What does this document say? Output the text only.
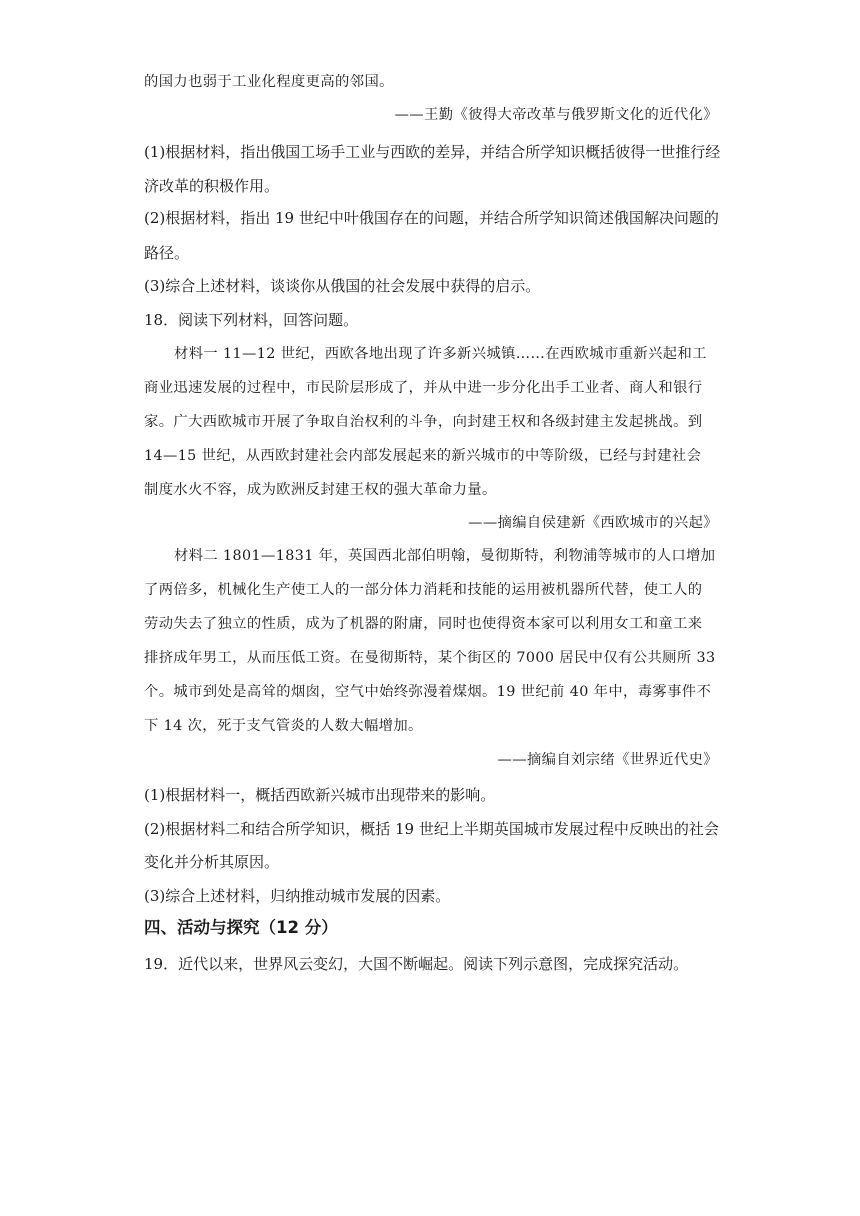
的国力也弱于工业化程度更高的邻国。
——王勤《彼得大帝改革与俄罗斯文化的近代化》
(1)根据材料，指出俄国工场手工业与西欧的差异，并结合所学知识概括彼得一世推行经
济改革的积极作用。
(2)根据材料，指出 19 世纪中叶俄国存在的问题，并结合所学知识简述俄国解决问题的
路径。
(3)综合上述材料，谈谈你从俄国的社会发展中获得的启示。
18．阅读下列材料，回答问题。
材料一 11—12 世纪，西欧各地出现了许多新兴城镇……在西欧城市重新兴起和工
商业迅速发展的过程中，市民阶层形成了，并从中进一步分化出手工业者、商人和银行
家。广大西欧城市开展了争取自治权利的斗争，向封建王权和各级封建主发起挑战。到
14—15 世纪，从西欧封建社会内部发展起来的新兴城市的中等阶级，已经与封建社会
制度水火不容，成为欧洲反封建王权的强大革命力量。
——摘编自侯建新《西欧城市的兴起》
材料二 1801—1831 年，英国西北部伯明翰，曼彻斯特，利物浦等城市的人口增加
了两倍多，机械化生产使工人的一部分体力消耗和技能的运用被机器所代替，使工人的
劳动失去了独立的性质，成为了机器的附庸，同时也使得资本家可以利用女工和童工来
排挤成年男工，从而压低工资。在曼彻斯特，某个街区的 7000 居民中仅有公共厕所 33
个。城市到处是高耸的烟囱，空气中始终弥漫着煤烟。19 世纪前 40 年中，毒雾事件不
下 14 次，死于支气管炎的人数大幅增加。
——摘编自刘宗绪《世界近代史》
(1)根据材料一，概括西欧新兴城市出现带来的影响。
(2)根据材料二和结合所学知识，概括 19 世纪上半期英国城市发展过程中反映出的社会
变化并分析其原因。
(3)综合上述材料，归纳推动城市发展的因素。
四、活动与探究（12 分）
19．近代以来，世界风云变幻，大国不断崛起。阅读下列示意图，完成探究活动。
